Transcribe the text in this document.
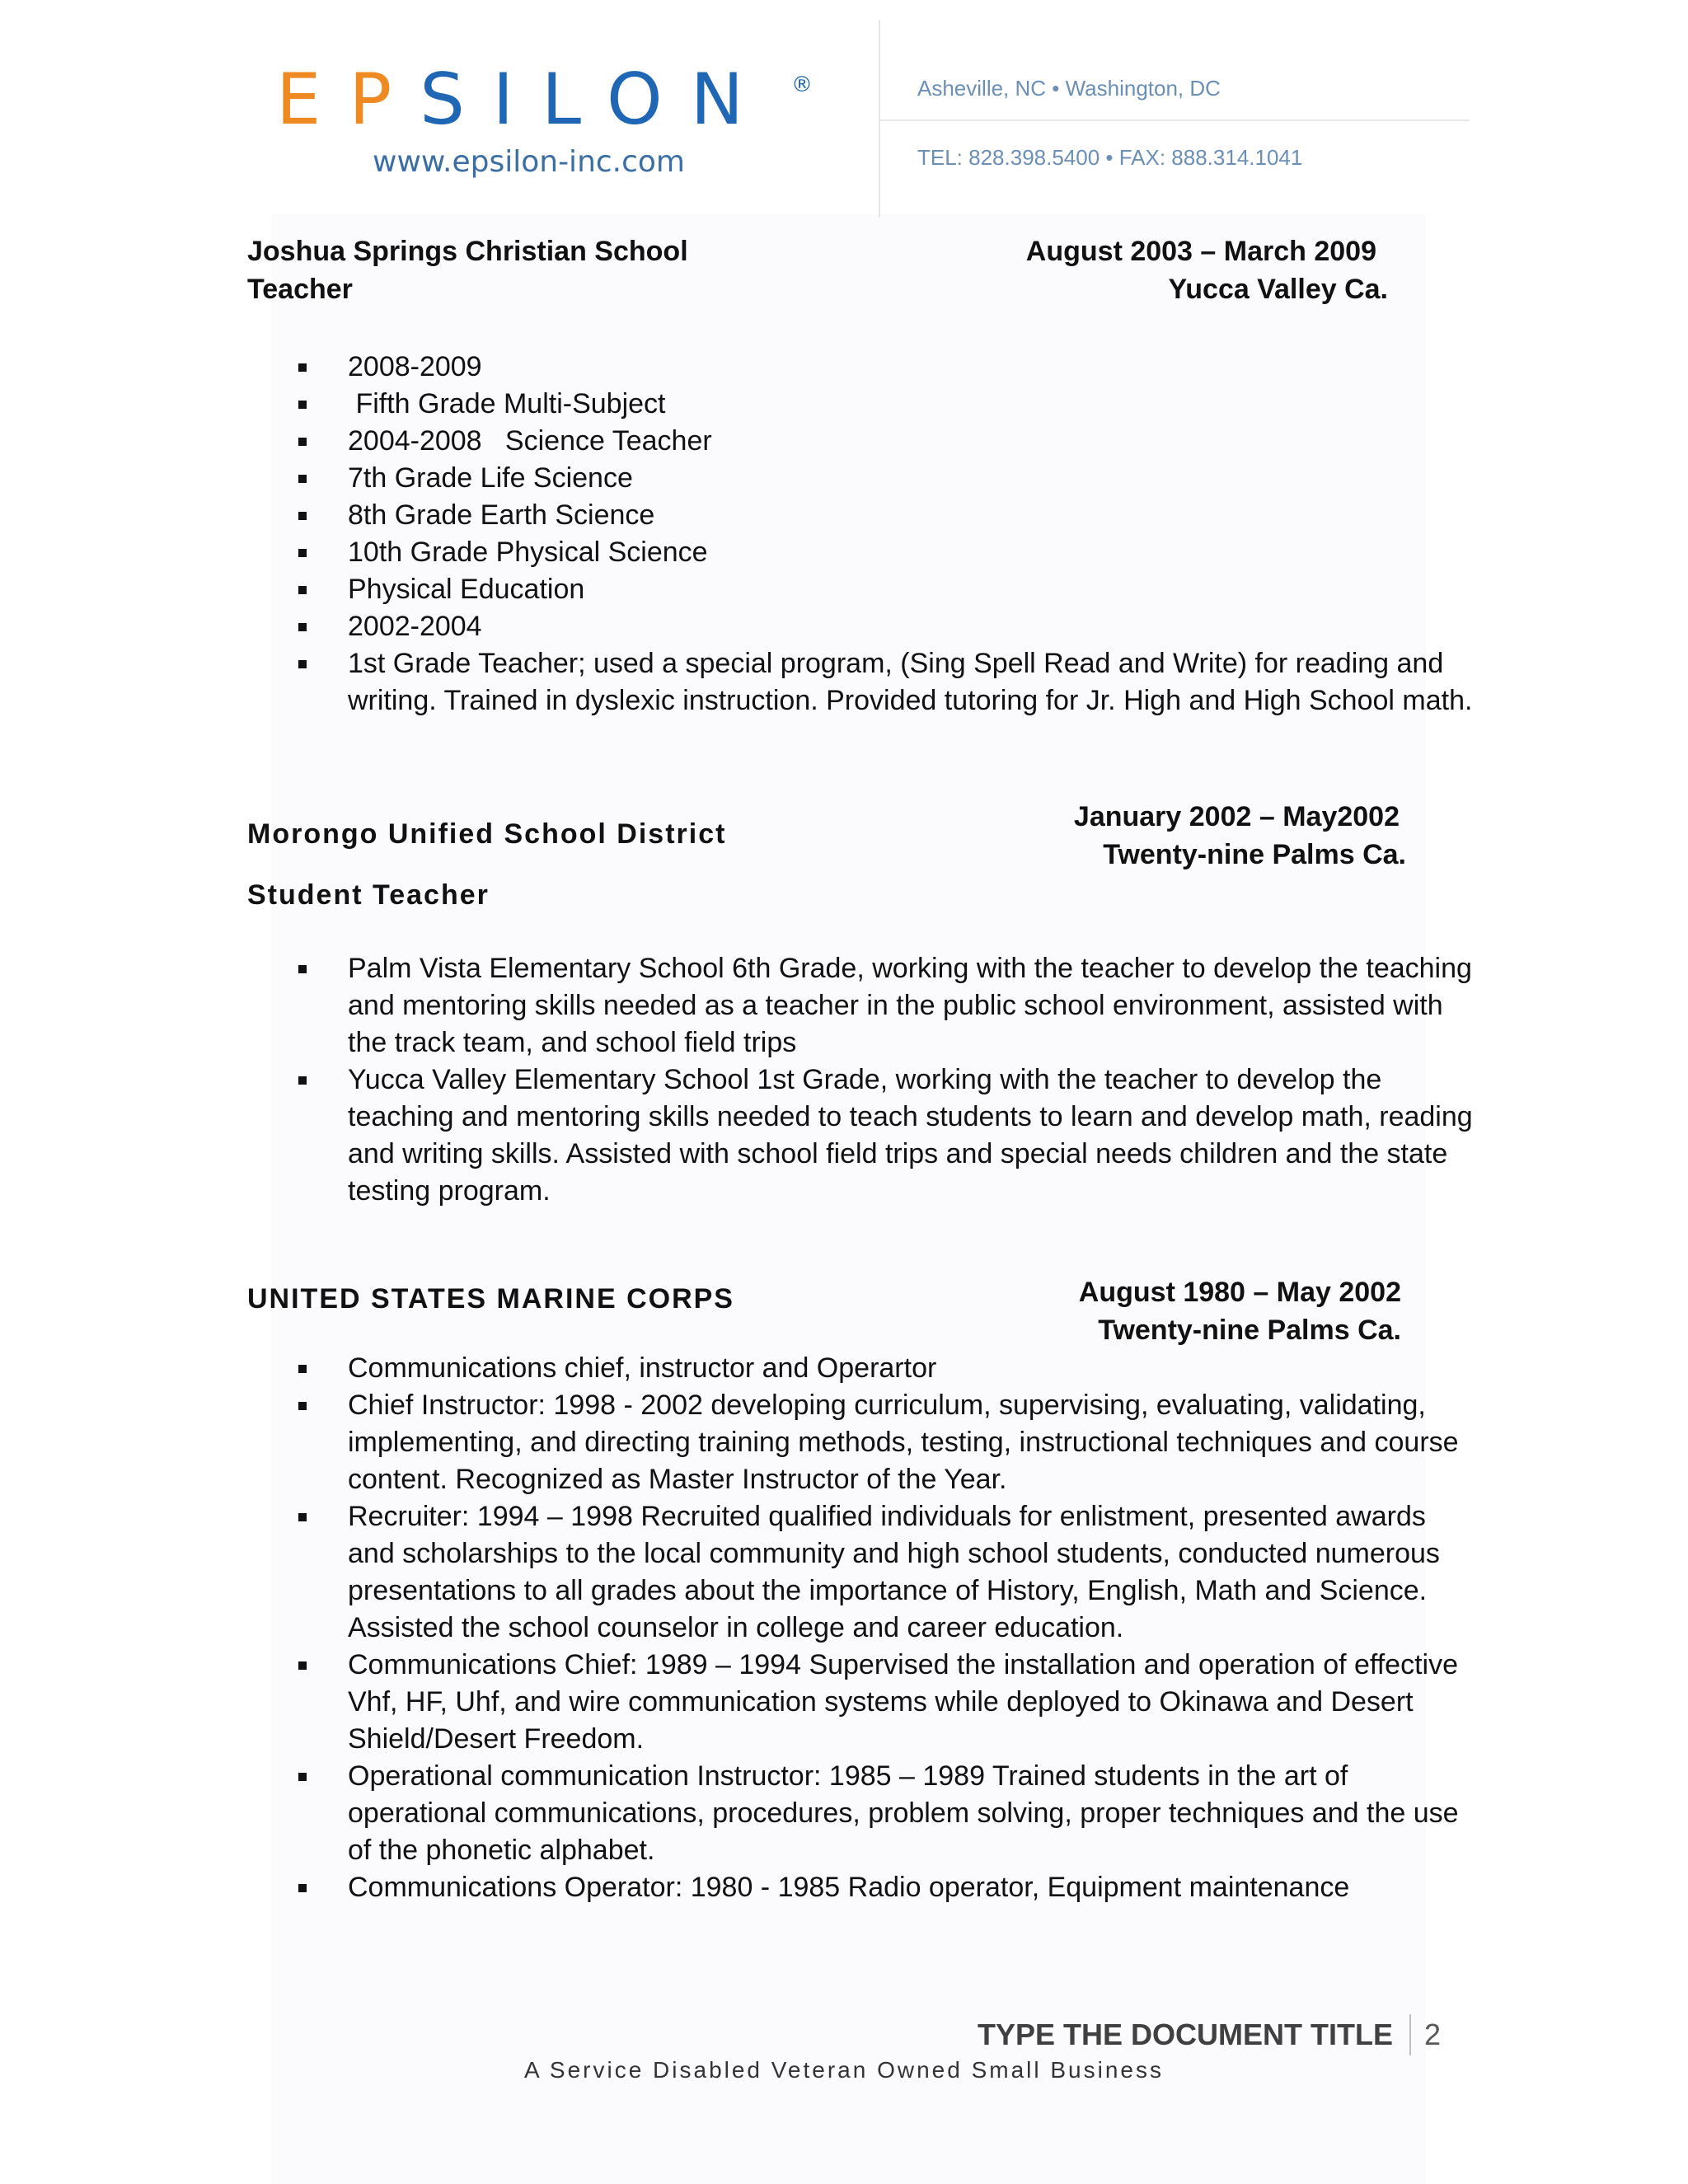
EPSILON ®
www.epsilon-inc.com
Asheville, NC • Washington, DC
TEL: 828.398.5400 • FAX: 888.314.1041
Joshua Springs Christian School
Teacher
August 2003 – March 2009
Yucca Valley Ca.
2008-2009
Fifth Grade Multi-Subject
2004-2008   Science Teacher
7th Grade Life Science
8th Grade Earth Science
10th Grade Physical Science
Physical Education
2002-2004
1st Grade Teacher; used a special program, (Sing Spell Read and Write) for reading and writing. Trained in dyslexic instruction. Provided tutoring for Jr. High and High School math.
Morongo Unified School District
Student Teacher
January 2002 – May2002
Twenty-nine Palms Ca.
Palm Vista Elementary School 6th Grade, working with the teacher to develop the teaching and mentoring skills needed as a teacher in the public school environment, assisted with the track team, and school field trips
Yucca Valley Elementary School 1st Grade, working with the teacher to develop the teaching and mentoring skills needed to teach students to learn and develop math, reading and writing skills. Assisted with school field trips and special needs children and the state testing program.
UNITED STATES MARINE CORPS	August 1980 – May 2002
Twenty-nine Palms Ca.
Communications chief, instructor and Operartor
Chief Instructor: 1998 - 2002 developing curriculum, supervising, evaluating, validating, implementing, and directing training methods, testing, instructional techniques and course content. Recognized as Master Instructor of the Year.
Recruiter: 1994 – 1998 Recruited qualified individuals for enlistment, presented awards and scholarships to the local community and high school students, conducted numerous presentations to all grades about the importance of History, English, Math and Science. Assisted the school counselor in college and career education.
Communications Chief: 1989 – 1994 Supervised the installation and operation of effective Vhf, HF, Uhf, and wire communication systems while deployed to Okinawa and Desert Shield/Desert Freedom.
Operational communication Instructor: 1985 – 1989 Trained students in the art of operational communications, procedures, problem solving, proper techniques and the use of the phonetic alphabet.
Communications Operator: 1980 - 1985 Radio operator, Equipment maintenance
TYPE THE DOCUMENT TITLE 2
A Service Disabled Veteran Owned Small Business
